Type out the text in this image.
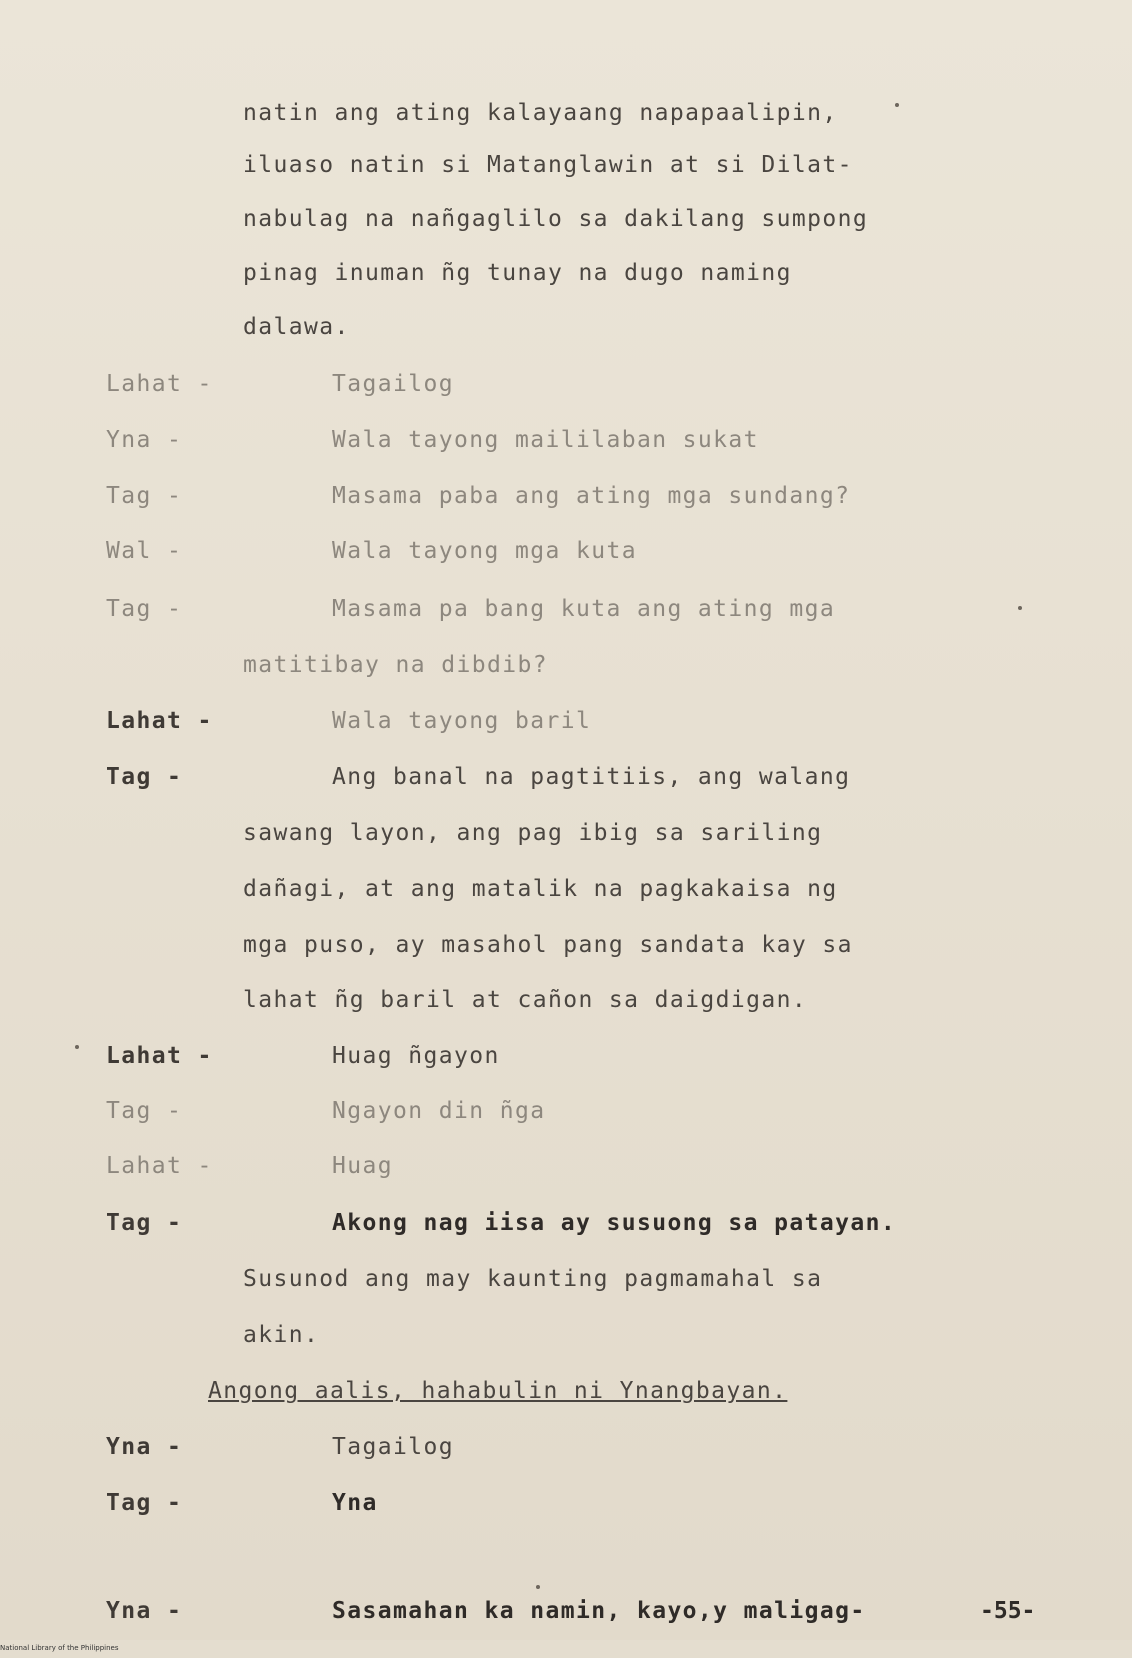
natin ang ating kalayaang napapaalipin,
iluaso natin si Matanglawin at si Dilat-
nabulag na nañgaglilo sa dakilang sumpong
pinag inuman ñg tunay na dugo naming
dalawa.
Lahat -	Tagailog
Yna -	Wala tayong maililaban sukat
Tag -	Masama paba ang ating mga sundang?
Wal -	Wala tayong mga kuta
Tag -	Masama pa bang kuta ang ating mga
matitibay na dibdib?
Lahat -	Wala tayong baril
Tag -	Ang banal na pagtitiis, ang walang
sawang layon, ang pag ibig sa sariling
dañagi, at ang matalik na pagkakaisa ng
mga puso, ay masahol pang sandata kay sa
lahat ñg baril at cañon sa daigdigan.
Lahat -	Huag ñgayon
Tag -	Ngayon din ñga
Lahat -	Huag
Tag -	Akong nag iisa ay susuong sa patayan.
Susunod ang may kaunting pagmamahal sa
akin.
Angong aalis, hahabulin ni Ynangbayan.
Yna -	Tagailog
Tag -	Yna
Yna -	Sasamahan ka namin, kayo,y maligag-	-55-
National Library of the Philippines
